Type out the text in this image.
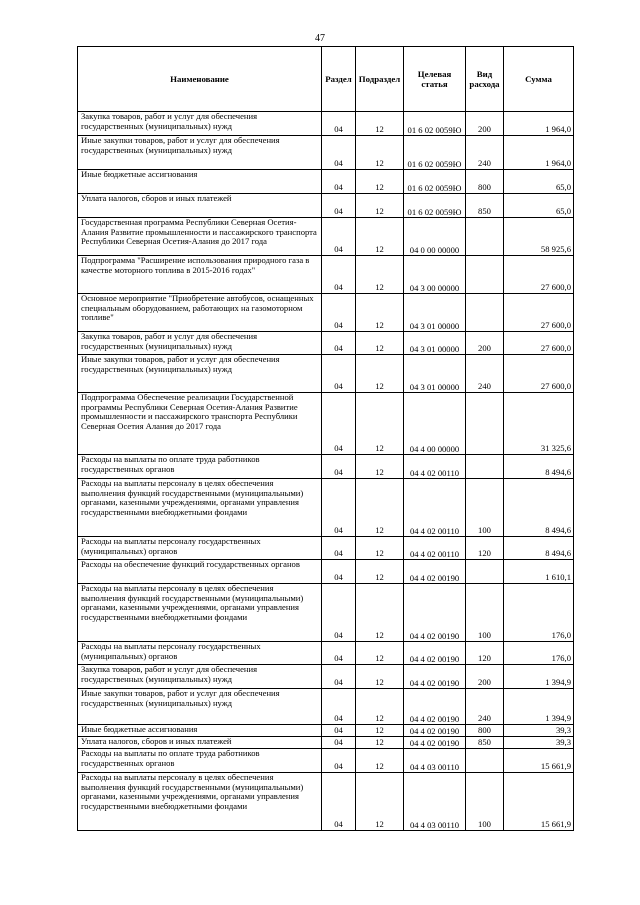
47
Наименование	Раздел	Подраздел	Целевая статья	Вид расхода	Сумма
Закупка товаров, работ и услуг для обеспечения государственных (муниципальных) нужд	04	12	01 6 02 0059Ю	200	1 964,0
Иные закупки товаров, работ и услуг для обеспечения государственных (муниципальных) нужд	04	12	01 6 02 0059Ю	240	1 964,0
Иные бюджетные ассигнования	04	12	01 6 02 0059Ю	800	65,0
Уплата налогов, сборов и иных платежей	04	12	01 6 02 0059Ю	850	65,0
Государственная программа Республики Северная Осетия-Алания Развитие промышленности и пассажирского транспорта Республики Северная Осетия-Алания до 2017 года	04	12	04 0 00 00000		58 925,6
Подпрограмма "Расширение использования природного газа в качестве моторного топлива в 2015-2016 годах"	04	12	04 3 00 00000		27 600,0
Основное мероприятие "Приобретение автобусов, оснащенных специальным оборудованием, работающих на газомоторном топливе"	04	12	04 3 01 00000		27 600,0
Закупка товаров, работ и услуг для обеспечения государственных (муниципальных) нужд	04	12	04 3 01 00000	200	27 600,0
Иные закупки товаров, работ и услуг для обеспечения государственных (муниципальных) нужд	04	12	04 3 01 00000	240	27 600,0
Подпрограмма Обеспечение реализации Государственной программы Республики Северная Осетия-Алания Развитие промышленности и пассажирского транспорта Республики Северная Осетия Алания до 2017 года	04	12	04 4 00 00000		31 325,6
Расходы на выплаты по оплате труда работников государственных органов	04	12	04 4 02 00110		8 494,6
Расходы на выплаты персоналу в целях обеспечения выполнения функций государственными (муниципальными) органами, казенными учреждениями, органами управления государственными внебюджетными фондами	04	12	04 4 02 00110	100	8 494,6
Расходы на выплаты персоналу государственных (муниципальных) органов	04	12	04 4 02 00110	120	8 494,6
Расходы на обеспечение функций государственных органов	04	12	04 4 02 00190		1 610,1
Расходы на выплаты персоналу в целях обеспечения выполнения функций государственными (муниципальными) органами, казенными учреждениями, органами управления государственными внебюджетными фондами	04	12	04 4 02 00190	100	176,0
Расходы на выплаты персоналу государственных (муниципальных) органов	04	12	04 4 02 00190	120	176,0
Закупка товаров, работ и услуг для обеспечения государственных (муниципальных) нужд	04	12	04 4 02 00190	200	1 394,9
Иные закупки товаров, работ и услуг для обеспечения государственных (муниципальных) нужд	04	12	04 4 02 00190	240	1 394,9
Иные бюджетные ассигнования	04	12	04 4 02 00190	800	39,3
Уплата налогов, сборов и иных платежей	04	12	04 4 02 00190	850	39,3
Расходы на выплаты по оплате труда работников государственных органов	04	12	04 4 03 00110		15 661,9
Расходы на выплаты персоналу в целях обеспечения выполнения функций государственными (муниципальными) органами, казенными учреждениями, органами управления государственными внебюджетными фондами	04	12	04 4 03 00110	100	15 661,9
